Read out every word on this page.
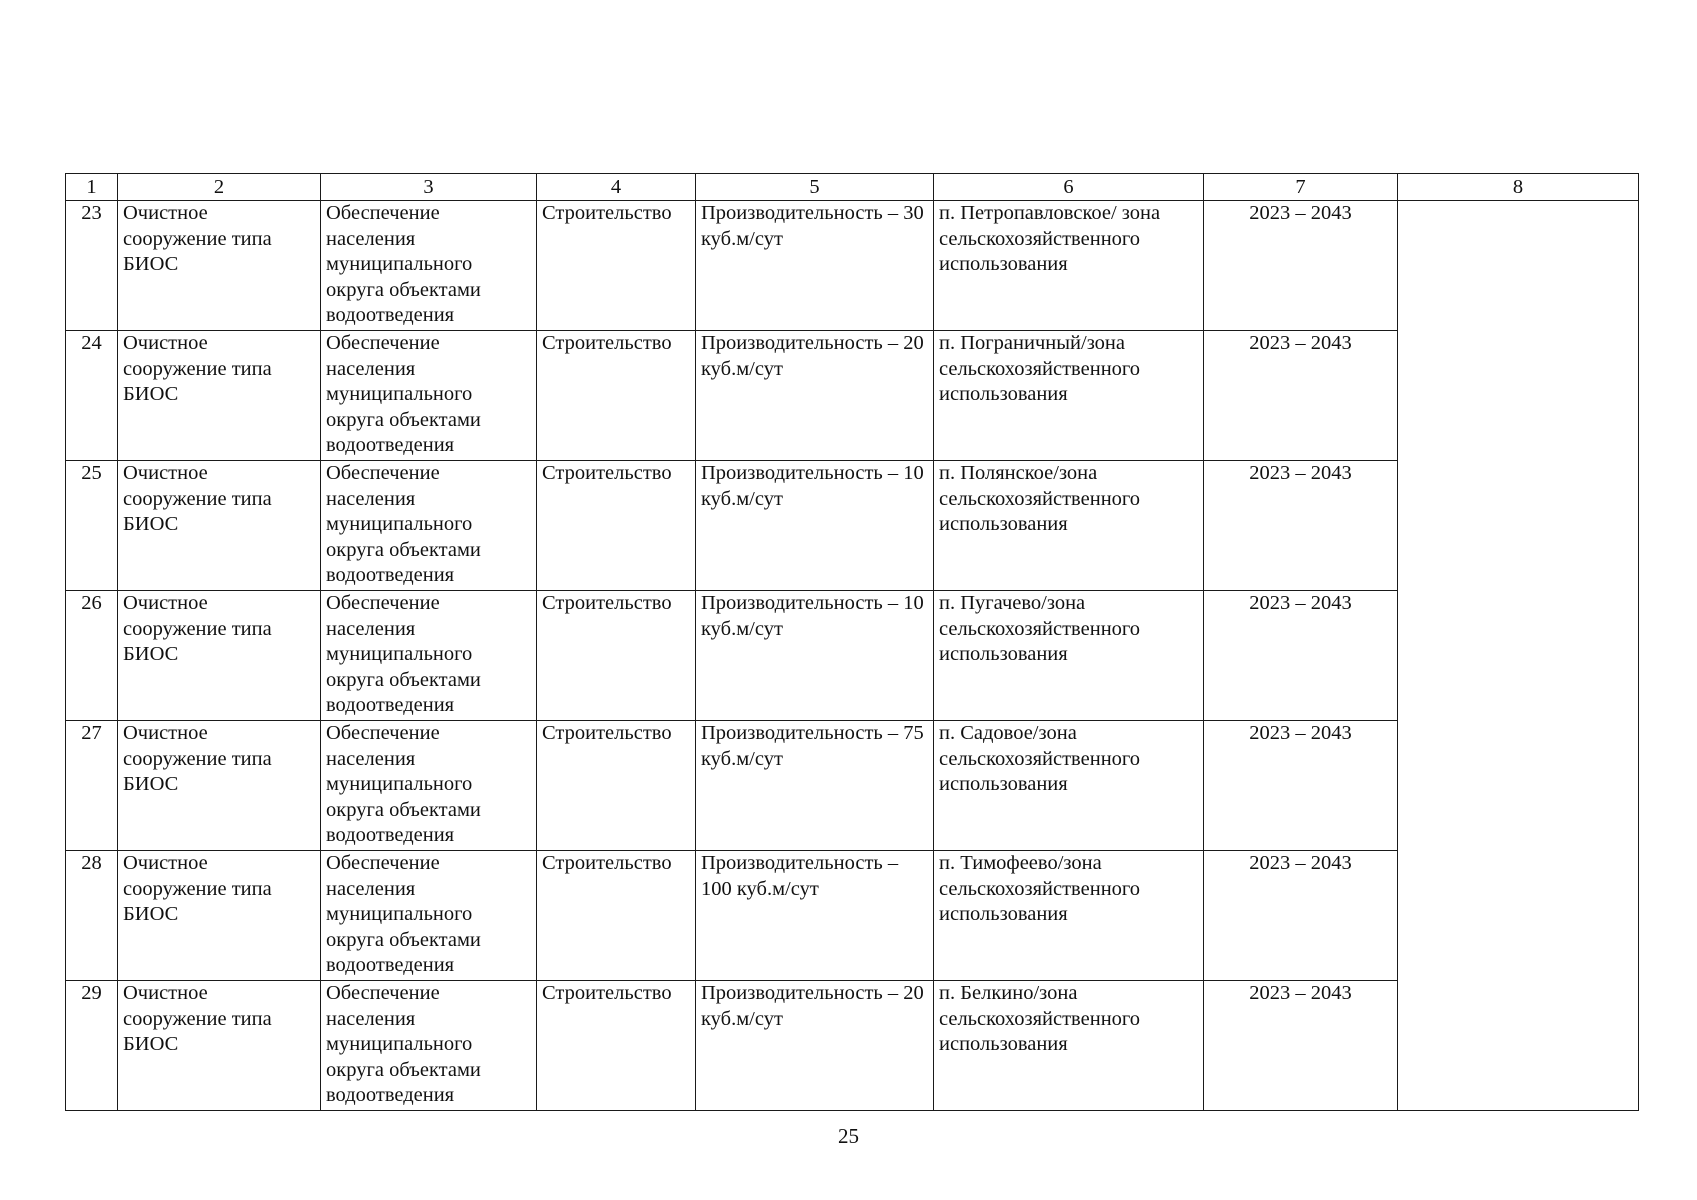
1	2	3	4	5	6	7	8
23	Очистное сооружение типа БИОС	Обеспечение населения муниципального округа объектами водоотведения	Строительство	Производительность – 30 куб.м/сут	п. Петропавловское/ зона сельскохозяйственного использования	2023 – 2043	
24	Очистное сооружение типа БИОС	Обеспечение населения муниципального округа объектами водоотведения	Строительство	Производительность – 20 куб.м/сут	п. Пограничный/зона сельскохозяйственного использования	2023 – 2043	
25	Очистное сооружение типа БИОС	Обеспечение населения муниципального округа объектами водоотведения	Строительство	Производительность – 10 куб.м/сут	п. Полянское/зона сельскохозяйственного использования	2023 – 2043	
26	Очистное сооружение типа БИОС	Обеспечение населения муниципального округа объектами водоотведения	Строительство	Производительность – 10 куб.м/сут	п. Пугачево/зона сельскохозяйственного использования	2023 – 2043	
27	Очистное сооружение типа БИОС	Обеспечение населения муниципального округа объектами водоотведения	Строительство	Производительность – 75 куб.м/сут	п. Садовое/зона сельскохозяйственного использования	2023 – 2043	
28	Очистное сооружение типа БИОС	Обеспечение населения муниципального округа объектами водоотведения	Строительство	Производительность – 100 куб.м/сут	п. Тимофеево/зона сельскохозяйственного использования	2023 – 2043	
29	Очистное сооружение типа БИОС	Обеспечение населения муниципального округа объектами водоотведения	Строительство	Производительность – 20 куб.м/сут	п. Белкино/зона сельскохозяйственного использования	2023 – 2043	
25
